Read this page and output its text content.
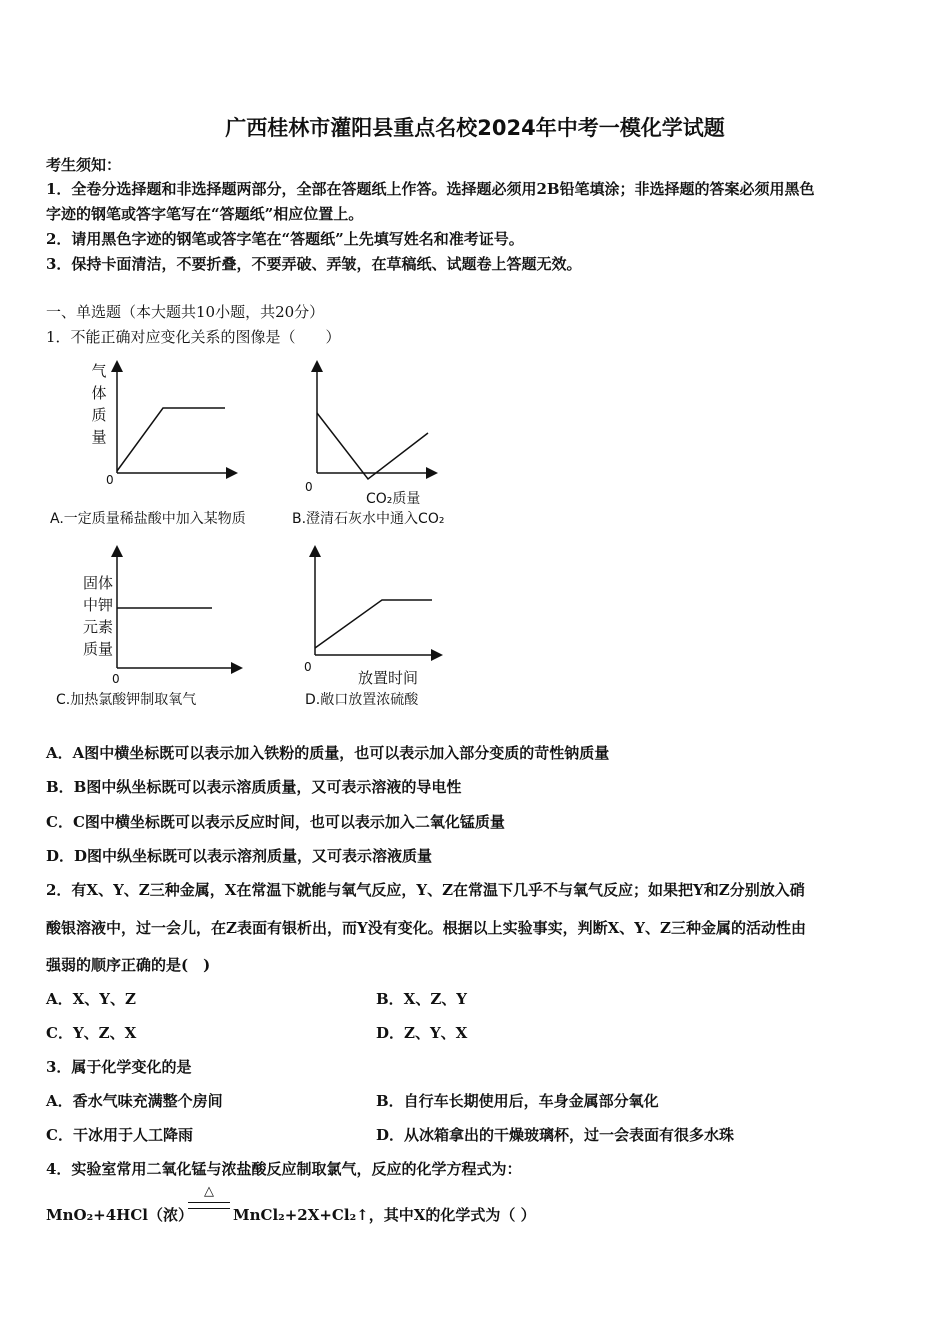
广西桂林市灌阳县重点名校2024年中考一模化学试题
考生须知：
1．全卷分选择题和非选择题两部分，全部在答题纸上作答。选择题必须用2B铅笔填涂；非选择题的答案必须用黑色
字迹的钢笔或答字笔写在“答题纸”相应位置上。
2．请用黑色字迹的钢笔或答字笔在“答题纸”上先填写姓名和准考证号。
3．保持卡面清洁，不要折叠，不要弄破、弄皱，在草稿纸、试题卷上答题无效。
一、单选题（本大题共10小题，共20分）
1．不能正确对应变化关系的图像是（　　）
气
体
质
量
0
A.一定质量稀盐酸中加入某物质
0
CO₂质量
B.澄清石灰水中通入CO₂
固体
中钾
元素
质量
0
C.加热氯酸钾制取氧气
0
放置时间
D.敞口放置浓硫酸
A．A图中横坐标既可以表示加入铁粉的质量，也可以表示加入部分变质的苛性钠质量
B．B图中纵坐标既可以表示溶质质量，又可表示溶液的导电性
C．C图中横坐标既可以表示反应时间，也可以表示加入二氧化锰质量
D．D图中纵坐标既可以表示溶剂质量，又可表示溶液质量
2．有X、Y、Z三种金属，X在常温下就能与氧气反应，Y、Z在常温下几乎不与氧气反应；如果把Y和Z分别放入硝
酸银溶液中，过一会儿，在Z表面有银析出，而Y没有变化。根据以上实验事实，判断X、Y、Z三种金属的活动性由
强弱的顺序正确的是(　)
A．X、Y、Z	B．X、Z、Y
C．Y、Z、X	D．Z、Y、X
3．属于化学变化的是
A．香水气味充满整个房间	B．自行车长期使用后，车身金属部分氧化
C．干冰用于人工降雨	D．从冰箱拿出的干燥玻璃杯，过一会表面有很多水珠
4．实验室常用二氧化锰与浓盐酸反应制取氯气，反应的化学方程式为：
MnO₂+4HCl（浓）
△
MnCl₂+2X+Cl₂↑，其中X的化学式为（ ）
